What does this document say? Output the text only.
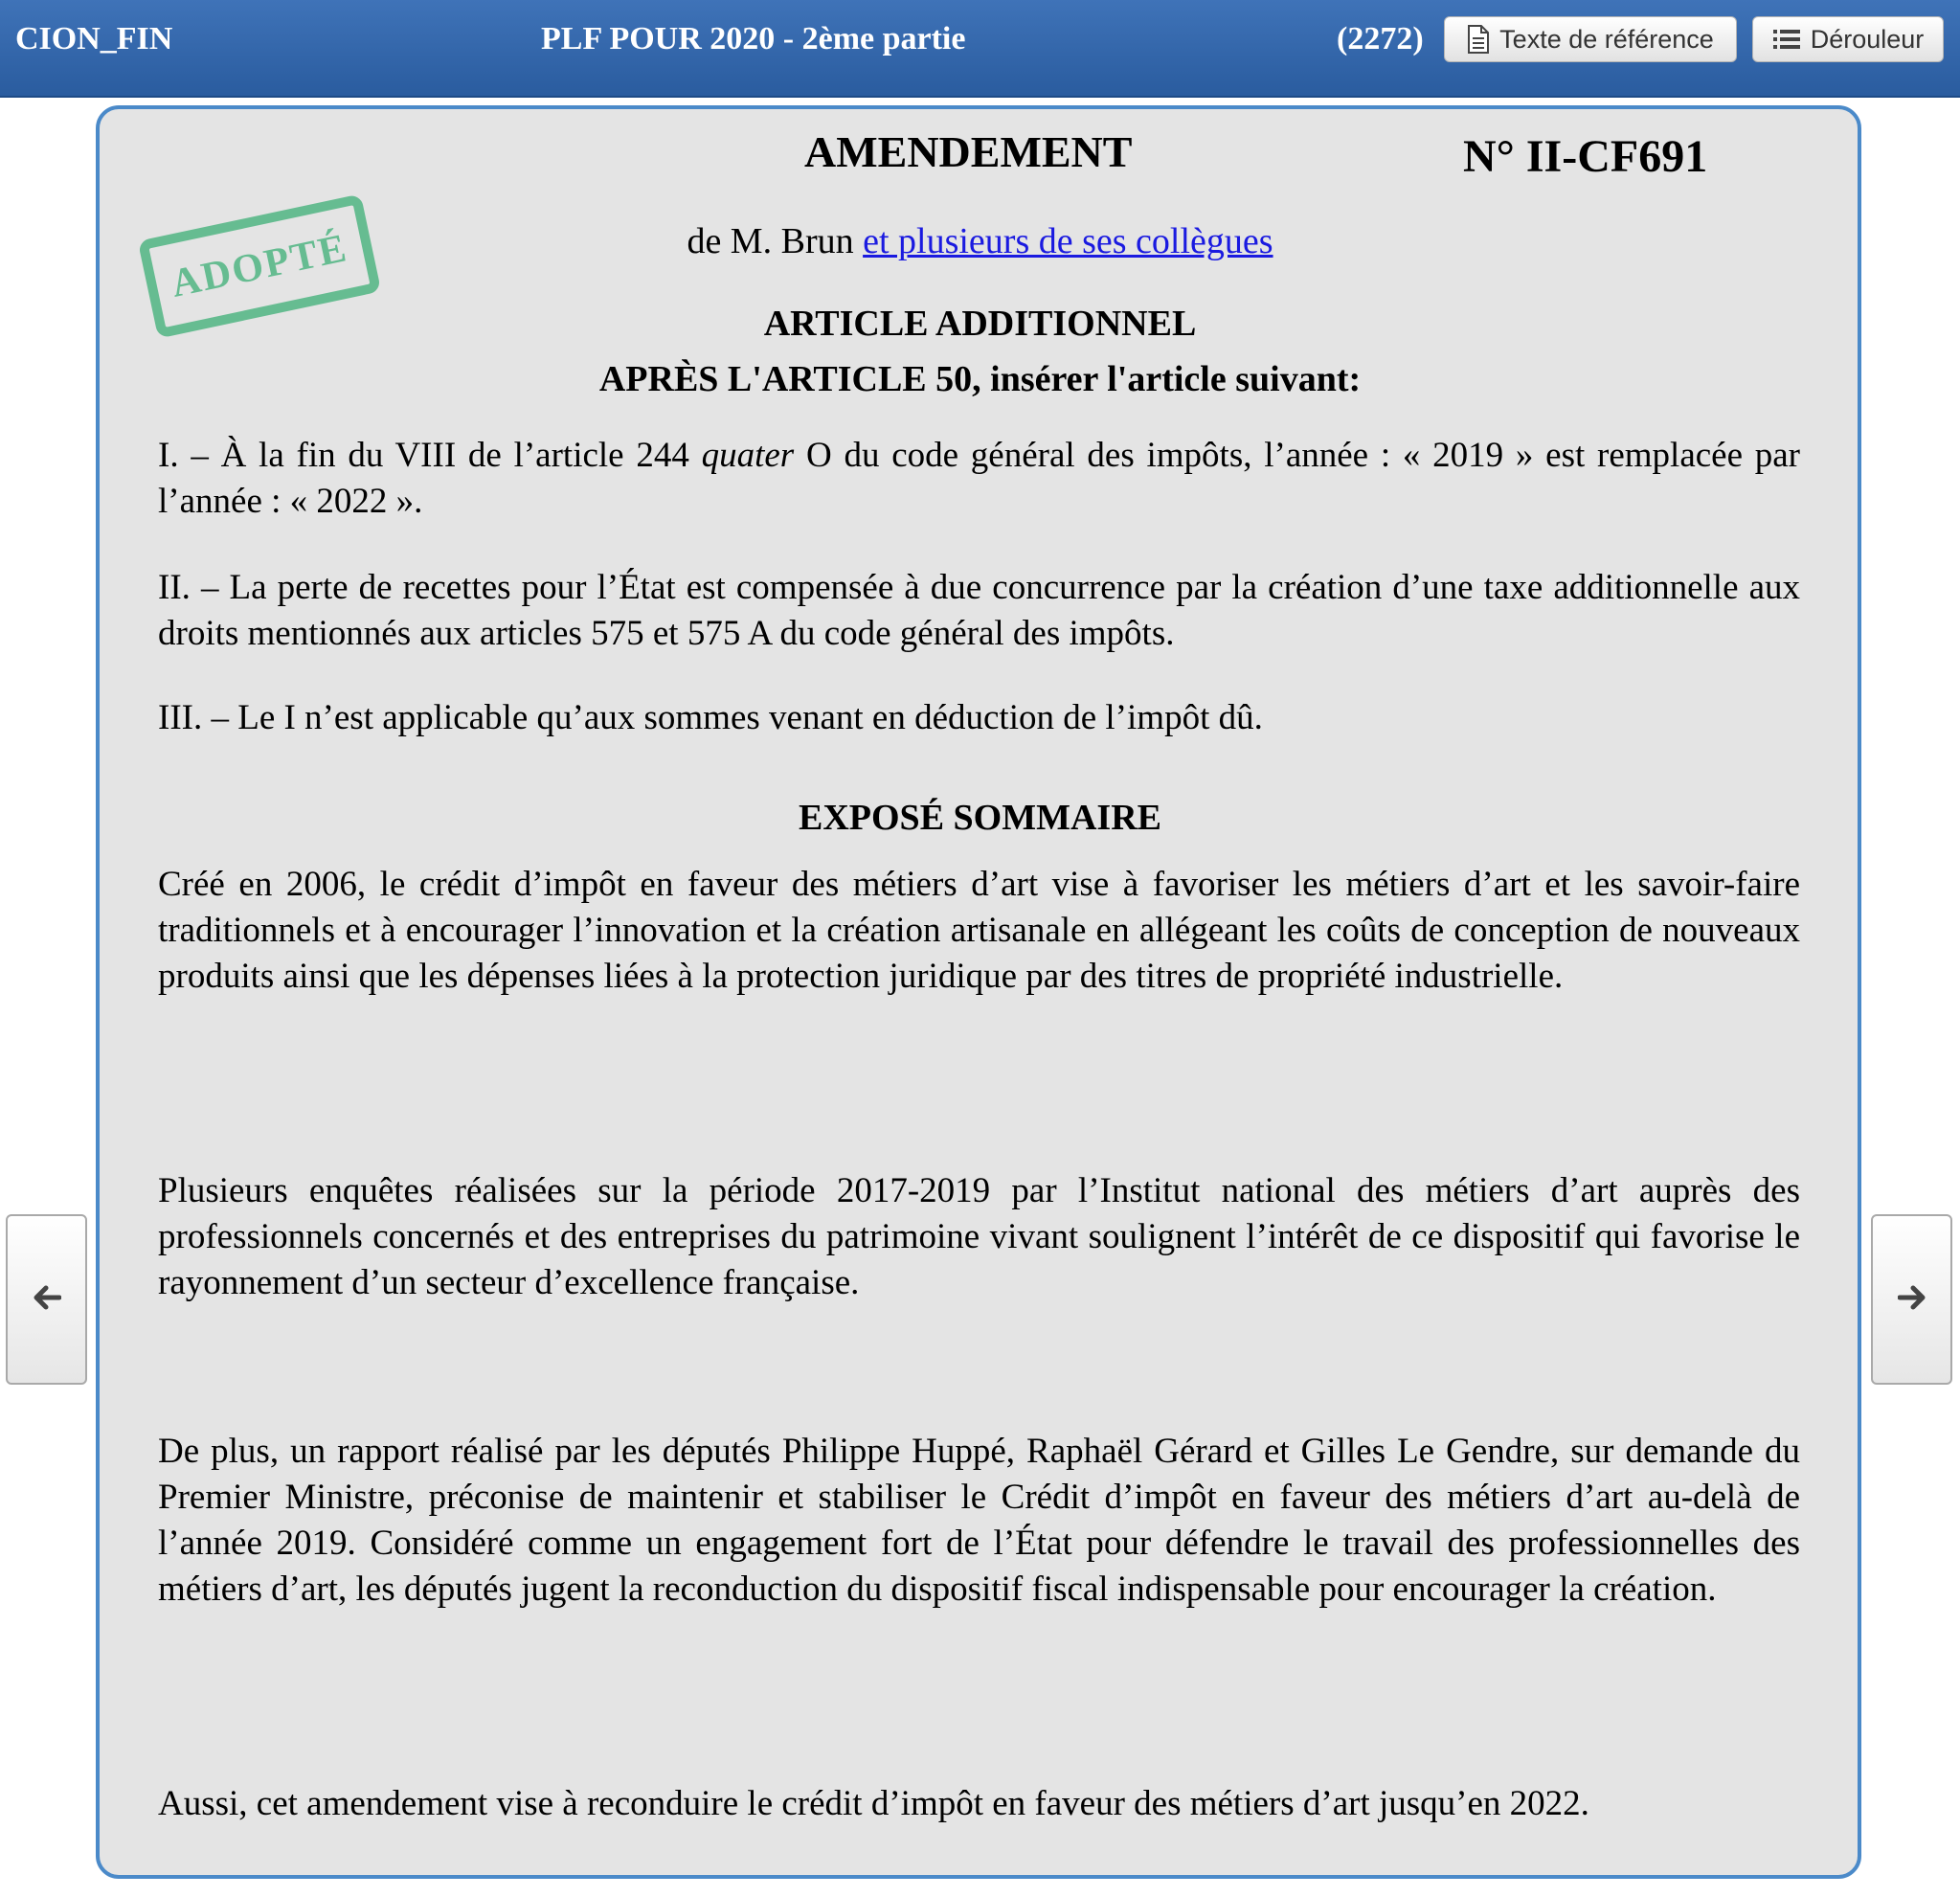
CION_FIN	PLF POUR 2020 - 2ème partie	(2272)	Texte de référence	Dérouleur
AMENDEMENT	N° II-CF691
ADOPTÉ	de M. Brun et plusieurs de ses collègues
ARTICLE ADDITIONNEL
APRÈS L'ARTICLE 50, insérer l'article suivant:
I. – À la fin du VIII de l’article 244 quater O du code général des impôts, l’année : « 2019 » est remplacée par l’année : « 2022 ».
II. – La perte de recettes pour l’État est compensée à due concurrence par la création d’une taxe additionnelle aux droits mentionnés aux articles 575 et 575 A du code général des impôts.
III. – Le I n’est applicable qu’aux sommes venant en déduction de l’impôt dû.
EXPOSÉ SOMMAIRE
Créé en 2006, le crédit d’impôt en faveur des métiers d’art vise à favoriser les métiers d’art et les savoir-faire traditionnels et à encourager l’innovation et la création artisanale en allégeant les coûts de conception de nouveaux produits ainsi que les dépenses liées à la protection juridique par des titres de propriété industrielle.
Plusieurs enquêtes réalisées sur la période 2017-2019 par l’Institut national des métiers d’art auprès des professionnels concernés et des entreprises du patrimoine vivant soulignent l’intérêt de ce dispositif qui favorise le rayonnement d’un secteur d’excellence française.
De plus, un rapport réalisé par les députés Philippe Huppé, Raphaël Gérard et Gilles Le Gendre, sur demande du Premier Ministre, préconise de maintenir et stabiliser le Crédit d’impôt en faveur des métiers d’art au-delà de l’année 2019. Considéré comme un engagement fort de l’État pour défendre le travail des professionnelles des métiers d’art, les députés jugent la reconduction du dispositif fiscal indispensable pour encourager la création.
Aussi, cet amendement vise à reconduire le crédit d’impôt en faveur des métiers d’art jusqu’en 2022.
